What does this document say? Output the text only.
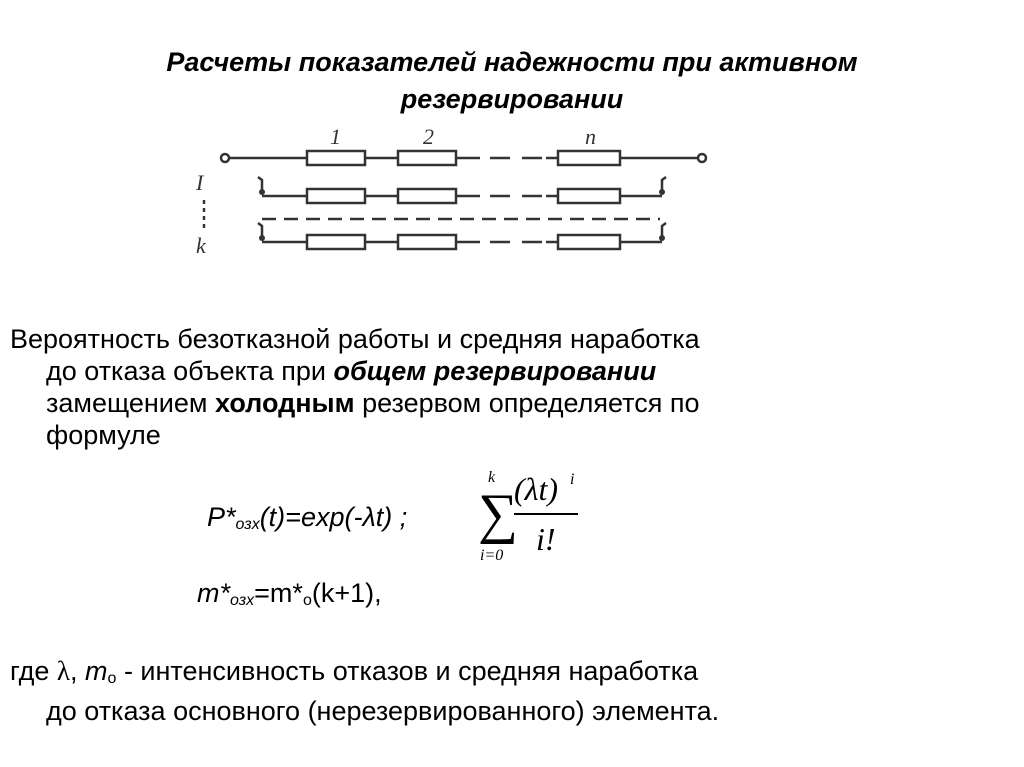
Расчеты показателей надежности при активном
резервировании
1	2	n
I
k
Вероятность безотказной работы и средняя наработка
до отказа объекта при общем резервировании
замещением холодным резервом определяется по
формуле
P*озх(t)=exp(-λt) ;
k
∑
i=0
(λt) i
i!
m*озх=m*o(k+1),
где λ, mo - интенсивность отказов и средняя наработка
до отказа основного (нерезервированного) элемента.
